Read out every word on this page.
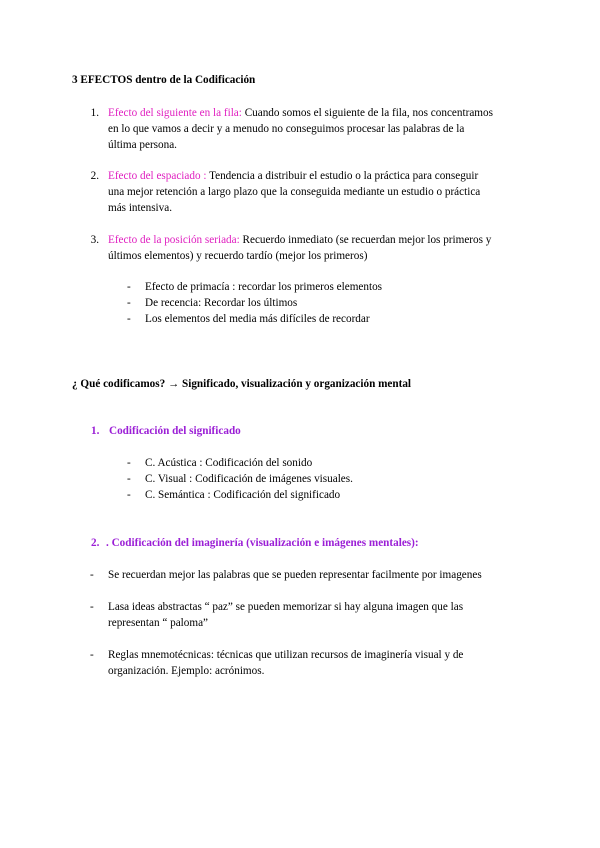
3 EFECTOS dentro de la Codificación
1. Efecto del siguiente en la fila: Cuando somos el siguiente de la fila, nos concentramos
en lo que vamos a decir y a menudo no conseguimos procesar las palabras de la
última persona.
2. Efecto del espaciado : Tendencia a distribuir el estudio o la práctica para conseguir
una mejor retención a largo plazo que la conseguida mediante un estudio o práctica
más intensiva.
3. Efecto de la posición seriada: Recuerdo inmediato (se recuerdan mejor los primeros y
últimos elementos) y recuerdo tardío (mejor los primeros)
- Efecto de primacía : recordar los primeros elementos
- De recencia: Recordar los últimos
- Los elementos del media más difíciles de recordar
¿ Qué codificamos? → Significado, visualización y organización mental
1. Codificación del significado
- C. Acústica : Codificación del sonido
- C. Visual : Codificación de imágenes visuales.
- C. Semántica : Codificación del significado
2. . Codificación del imaginería (visualización e imágenes mentales):
- Se recuerdan mejor las palabras que se pueden representar facilmente por imagenes
- Lasa ideas abstractas “ paz” se pueden memorizar si hay alguna imagen que las
representan “ paloma”
- Reglas mnemotécnicas: técnicas que utilizan recursos de imaginería visual y de
organización. Ejemplo: acrónimos.
